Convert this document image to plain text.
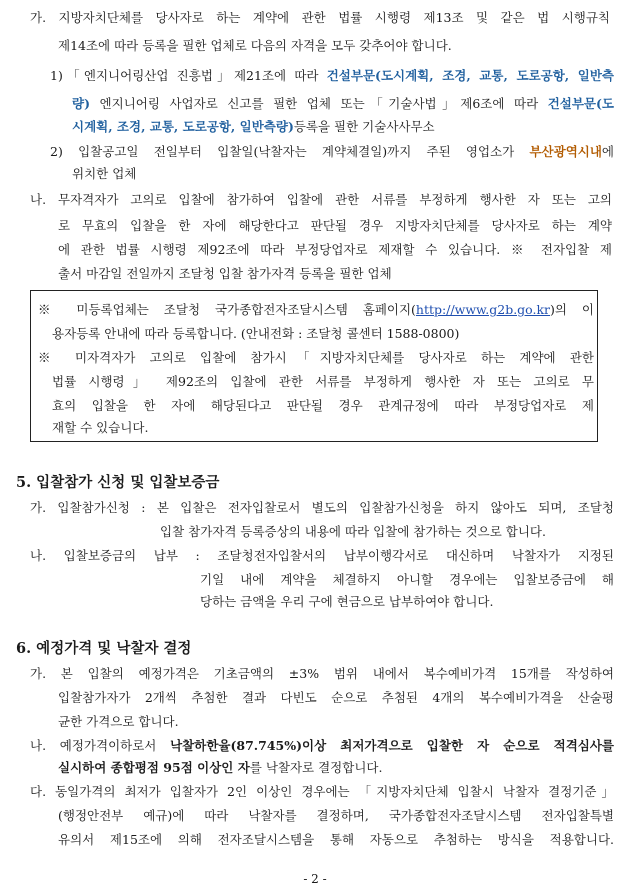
가. 지방자치단체를 당사자로 하는 계약에 관한 법률 시행령 제13조 및 같은 법 시행규칙
제14조에 따라 등록을 필한 업체로 다음의 자격을 모두 갖추어야 합니다.
1)「엔지니어링산업 진흥법」제21조에 따라 건설부문(도시계획, 조경, 교통, 도로공항, 일반측
량) 엔지니어링 사업자로 신고를 필한 업체 또는「기술사법」제6조에 따라 건설부문(도
시계획, 조경, 교통, 도로공항, 일반측량)등록을 필한 기술사사무소
2) 입찰공고일 전일부터 입찰일(낙찰자는 계약체결일)까지 주된 영업소가 부산광역시내에
위치한 업체
나. 무자격자가 고의로 입찰에 참가하여 입찰에 관한 서류를 부정하게 행사한 자 또는 고의
로 무효의 입찰을 한 자에 해당한다고 판단될 경우 지방자치단체를 당사자로 하는 계약
에 관한 법률 시행령 제92조에 따라 부정당업자로 제재할 수 있습니다. ※ 전자입찰 제
출서 마감일 전일까지 조달청 입찰 참가자격 등록을 필한 업체
※ 미등록업체는 조달청 국가종합전자조달시스템 홈페이지(http://www.g2b.go.kr)의 이
용자등록 안내에 따라 등록합니다. (안내전화 : 조달청 콜센터 1588-0800)
※ 미자격자가 고의로 입찰에 참가시「지방자치단체를 당사자로 하는 계약에 관한
법률 시행령」 제92조의 입찰에 관한 서류를 부정하게 행사한 자 또는 고의로 무
효의 입찰을 한 자에 해당된다고 판단될 경우 관계규정에 따라 부정당업자로 제
재할 수 있습니다.
5. 입찰참가 신청 및 입찰보증금
가. 입찰참가신청 : 본 입찰은 전자입찰로서 별도의 입찰참가신청을 하지 않아도 되며, 조달청
입찰 참가자격 등록증상의 내용에 따라 입찰에 참가하는 것으로 합니다.
나. 입찰보증금의 납부 : 조달청전자입찰서의 납부이행각서로 대신하며 낙찰자가 지정된
기일 내에 계약을 체결하지 아니할 경우에는 입찰보증금에 해
당하는 금액을 우리 구에 현금으로 납부하여야 합니다.
6. 예정가격 및 낙찰자 결정
가. 본 입찰의 예정가격은 기초금액의 ±3% 범위 내에서 복수예비가격 15개를 작성하여
입찰참가자가 2개씩 추첨한 결과 다빈도 순으로 추첨된 4개의 복수예비가격을 산술평
균한 가격으로 합니다.
나. 예정가격이하로서 낙찰하한율(87.745%)이상 최저가격으로 입찰한 자 순으로 적격심사를
실시하여 종합평점 95점 이상인 자를 낙찰자로 결정합니다.
다. 동일가격의 최저가 입찰자가 2인 이상인 경우에는 「지방자치단체 입찰시 낙찰자 결정기준」
(행정안전부 예규)에 따라 낙찰자를 결정하며, 국가종합전자조달시스템 전자입찰특별
유의서 제15조에 의해 전자조달시스템을 통해 자동으로 추첨하는 방식을 적용합니다.
- 2 -
